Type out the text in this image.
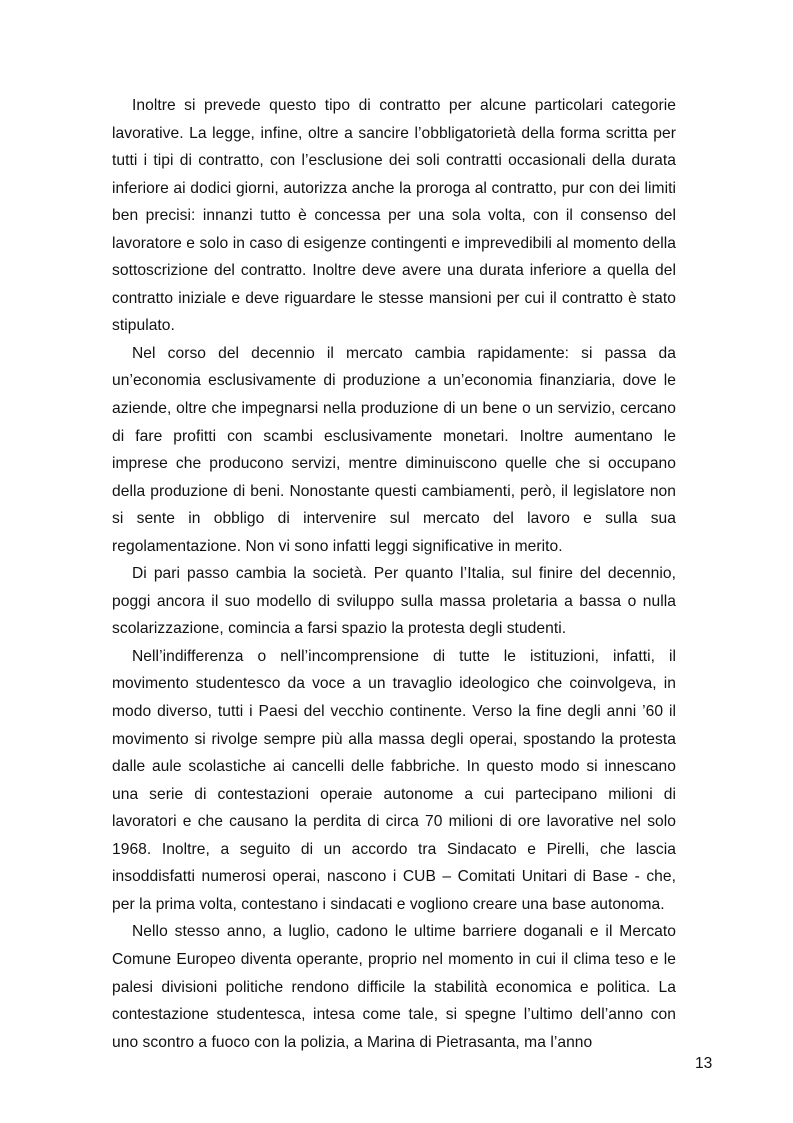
Inoltre si prevede questo tipo di contratto per alcune particolari categorie lavorative. La legge, infine, oltre a sancire l’obbligatorietà della forma scritta per tutti i tipi di contratto, con l’esclusione dei soli contratti occasionali della durata inferiore ai dodici giorni, autorizza anche la proroga al contratto, pur con dei limiti ben precisi: innanzi tutto è concessa per una sola volta, con il consenso del lavoratore e solo in caso di esigenze contingenti e imprevedibili al momento della sottoscrizione del contratto. Inoltre deve avere una durata inferiore a quella del contratto iniziale e deve riguardare le stesse mansioni per cui il contratto è stato stipulato.

Nel corso del decennio il mercato cambia rapidamente: si passa da un’economia esclusivamente di produzione a un’economia finanziaria, dove le aziende, oltre che impegnarsi nella produzione di un bene o un servizio, cercano di fare profitti con scambi esclusivamente monetari. Inoltre aumentano le imprese che producono servizi, mentre diminuiscono quelle che si occupano della produzione di beni. Nonostante questi cambiamenti, però, il legislatore non si sente in obbligo di intervenire sul mercato del lavoro e sulla sua regolamentazione. Non vi sono infatti leggi significative in merito.

Di pari passo cambia la società. Per quanto l’Italia, sul finire del decennio, poggi ancora il suo modello di sviluppo sulla massa proletaria a bassa o nulla scolarizzazione, comincia a farsi spazio la protesta degli studenti.

Nell’indifferenza o nell’incomprensione di tutte le istituzioni, infatti, il movimento studentesco da voce a un travaglio ideologico che coinvolgeva, in modo diverso, tutti i Paesi del vecchio continente. Verso la fine degli anni ’60 il movimento si rivolge sempre più alla massa degli operai, spostando la protesta dalle aule scolastiche ai cancelli delle fabbriche. In questo modo si innescano una serie di contestazioni operaie autonome a cui partecipano milioni di lavoratori e che causano la perdita di circa 70 milioni di ore lavorative nel solo 1968. Inoltre, a seguito di un accordo tra Sindacato e Pirelli, che lascia insoddisfatti numerosi operai, nascono i CUB – Comitati Unitari di Base - che, per la prima volta, contestano i sindacati e vogliono creare una base autonoma.

Nello stesso anno, a luglio, cadono le ultime barriere doganali e il Mercato Comune Europeo diventa operante, proprio nel momento in cui il clima teso e le palesi divisioni politiche rendono difficile la stabilità economica e politica. La contestazione studentesca, intesa come tale, si spegne l’ultimo dell’anno con uno scontro a fuoco con la polizia, a Marina di Pietrasanta, ma l’anno

13
